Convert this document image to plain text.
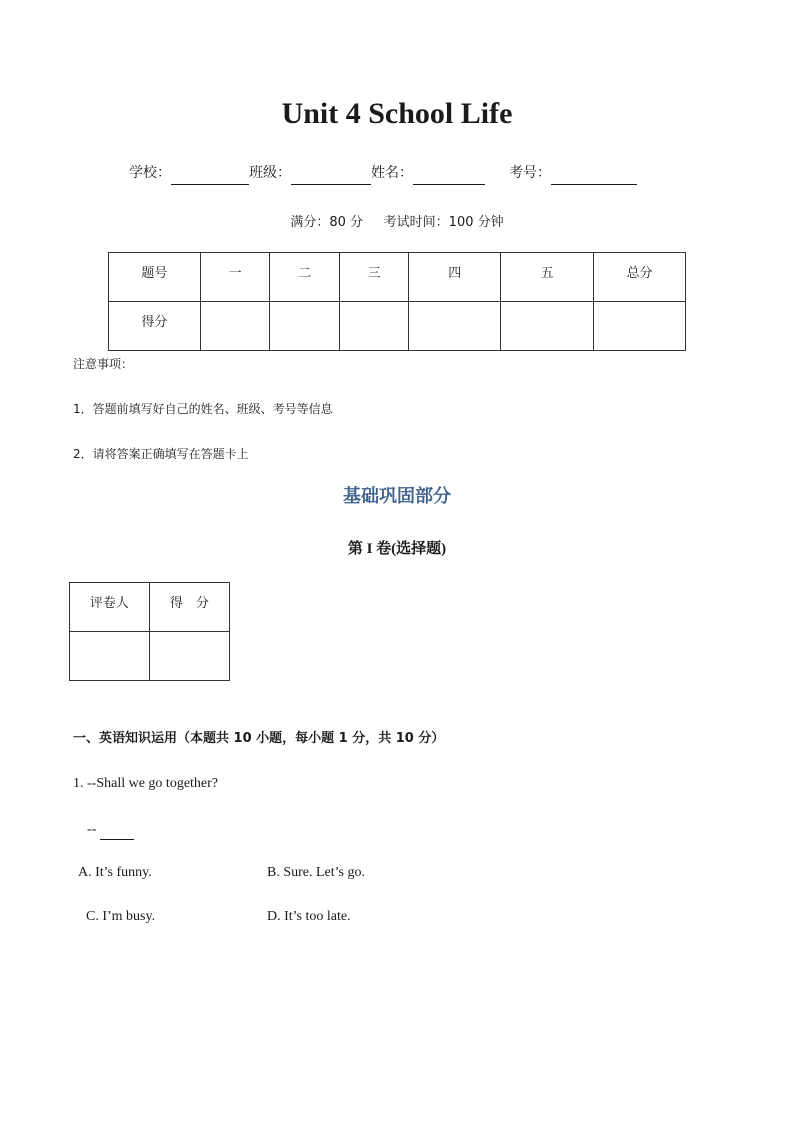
Unit 4 School Life
学校：	班级：	姓名：	考号：
满分：80 分     考试时间：100 分钟
题号	一	二	三	四	五	总分
得分						
注意事项：
1．答题前填写好自己的姓名、班级、考号等信息
2．请将答案正确填写在答题卡上
基础巩固部分
第 I 卷(选择题)
评卷人	得　分

一、英语知识运用（本题共 10 小题，每小题 1 分，共 10 分）
1. --Shall we go together?
--
A. It’s funny.	B. Sure. Let’s go.
C. I’m busy.	D. It’s too late.
